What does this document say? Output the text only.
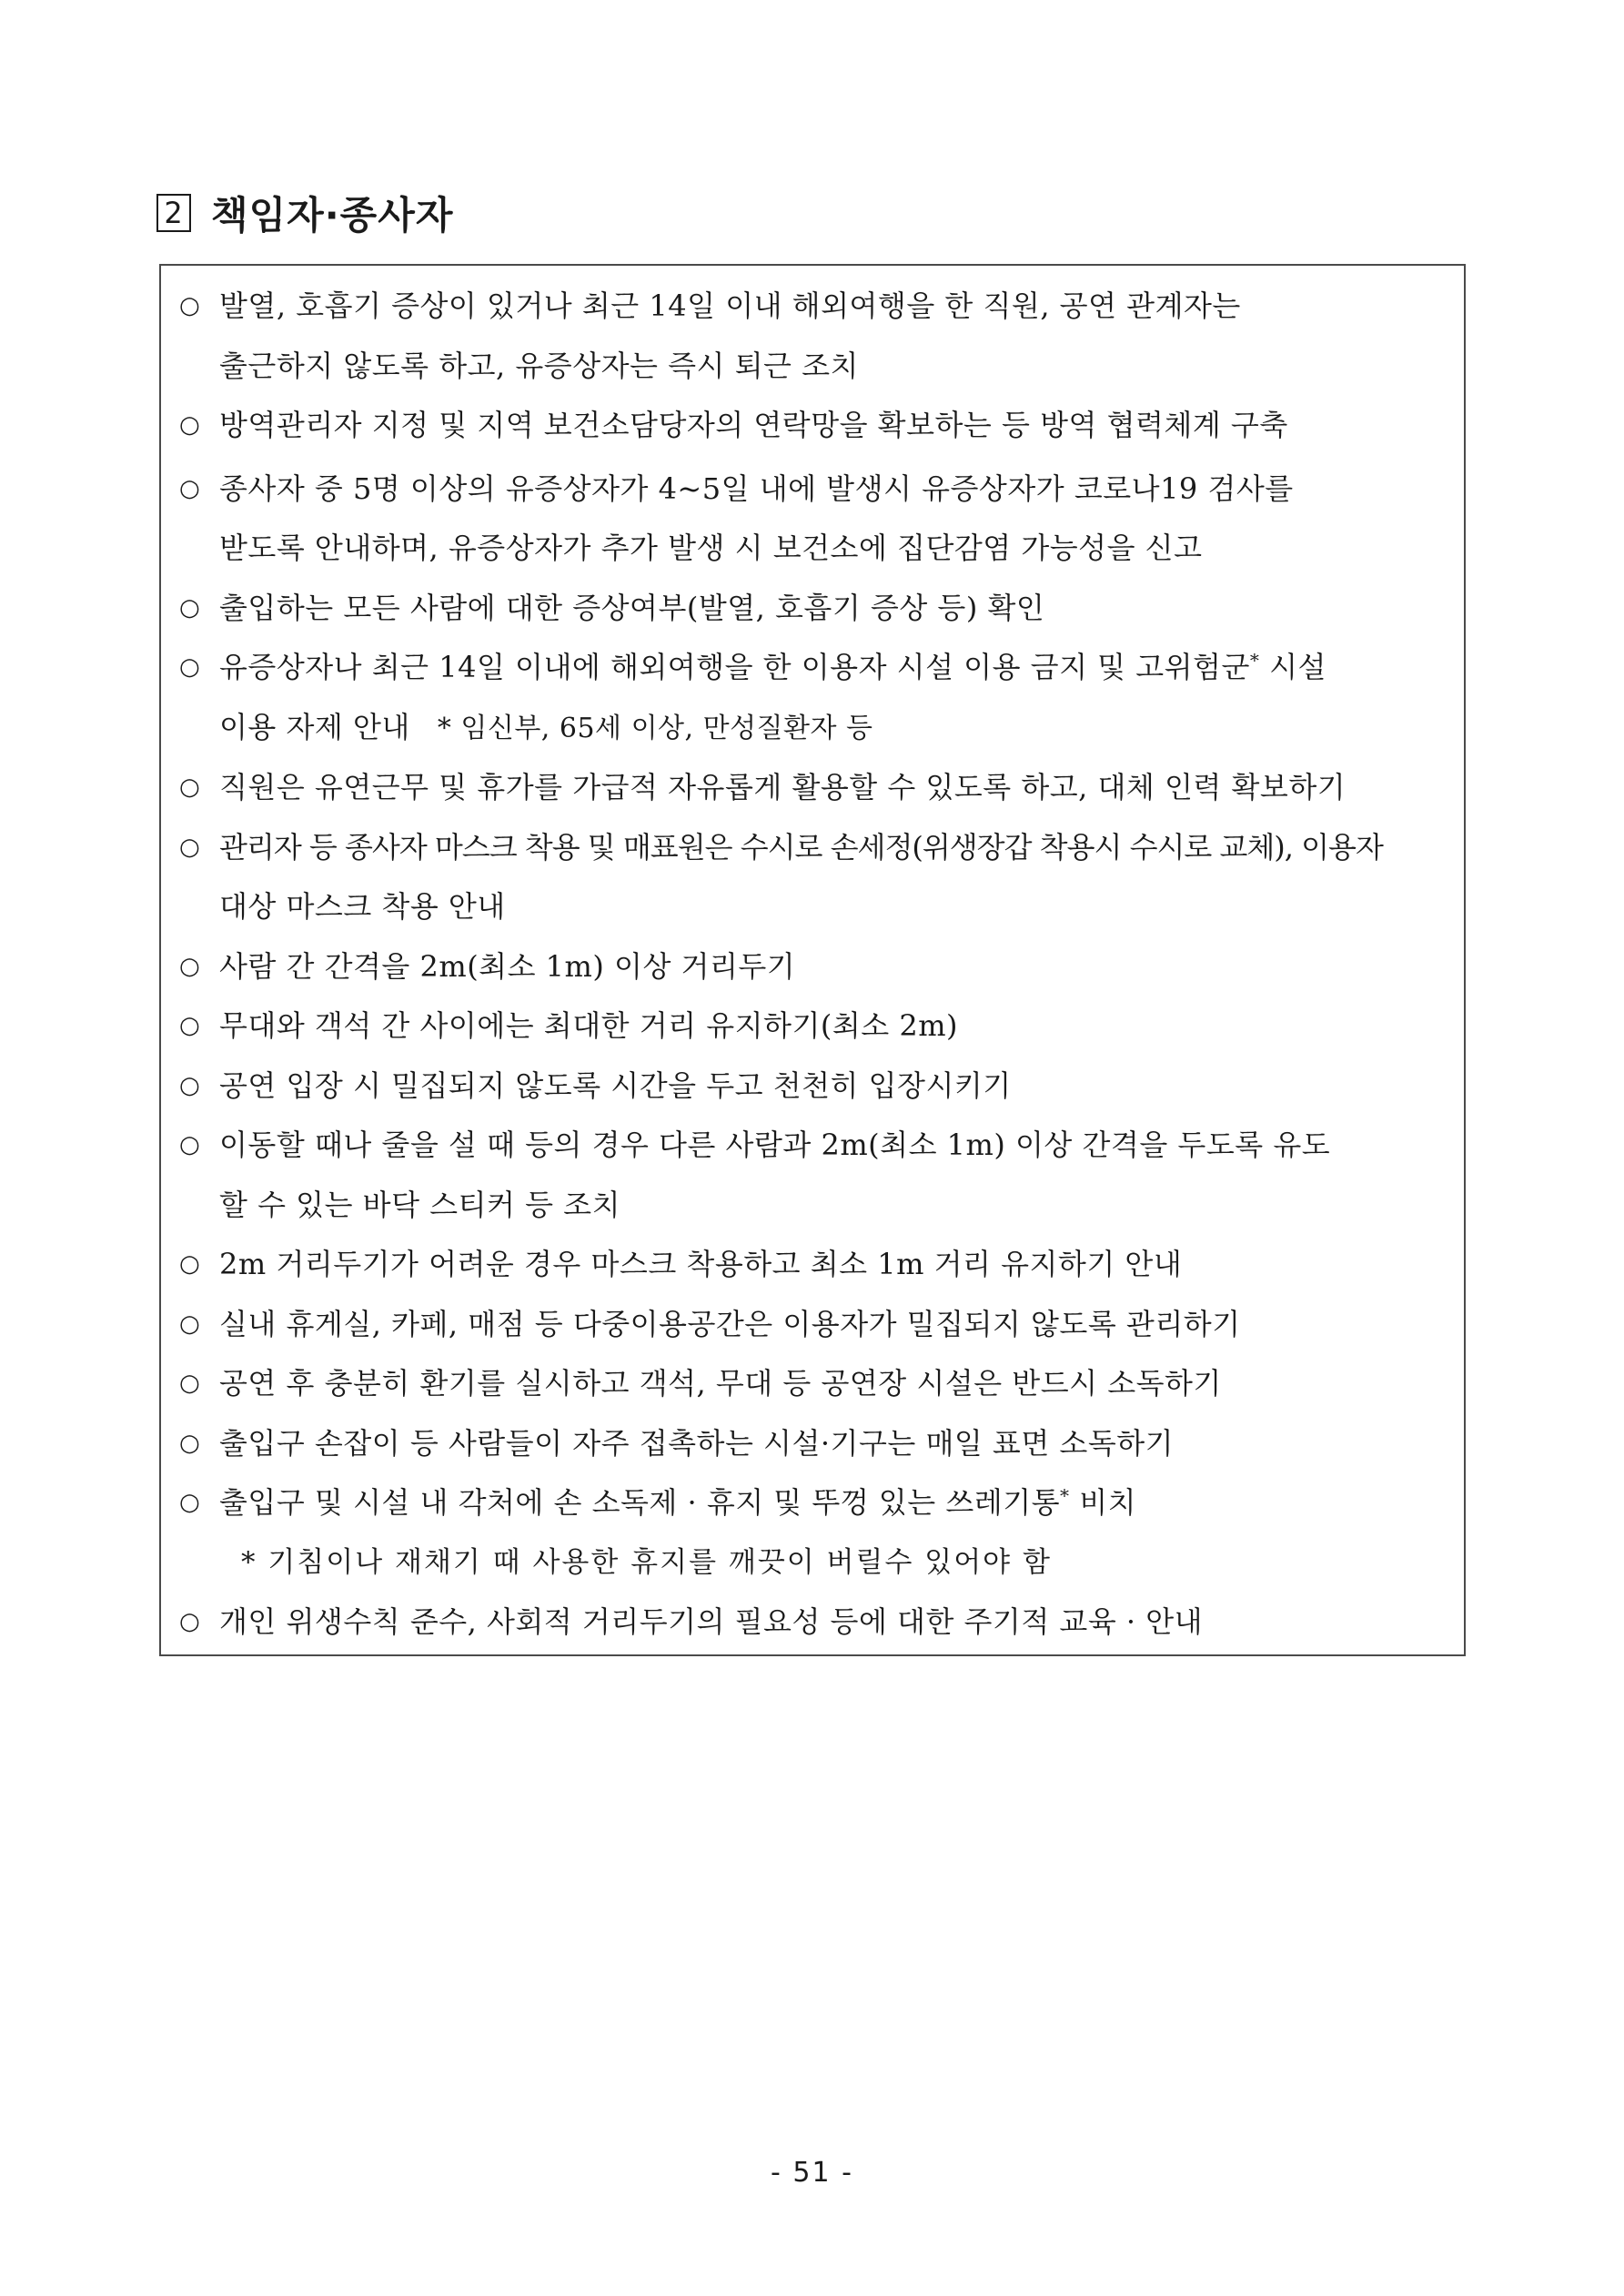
2 책임자·종사자
○ 발열, 호흡기 증상이 있거나 최근 14일 이내 해외여행을 한 직원, 공연 관계자는
출근하지 않도록 하고, 유증상자는 즉시 퇴근 조치
○ 방역관리자 지정 및 지역 보건소담당자의 연락망을 확보하는 등 방역 협력체계 구축
○ 종사자 중 5명 이상의 유증상자가 4~5일 내에 발생시 유증상자가 코로나19 검사를
받도록 안내하며, 유증상자가 추가 발생 시 보건소에 집단감염 가능성을 신고
○ 출입하는 모든 사람에 대한 증상여부(발열, 호흡기 증상 등) 확인
○ 유증상자나 최근 14일 이내에 해외여행을 한 이용자 시설 이용 금지 및 고위험군* 시설
이용 자제 안내 * 임신부, 65세 이상, 만성질환자 등
○ 직원은 유연근무 및 휴가를 가급적 자유롭게 활용할 수 있도록 하고, 대체 인력 확보하기
○ 관리자 등 종사자 마스크 착용 및 매표원은 수시로 손세정(위생장갑 착용시 수시로 교체), 이용자
대상 마스크 착용 안내
○ 사람 간 간격을 2m(최소 1m) 이상 거리두기
○ 무대와 객석 간 사이에는 최대한 거리 유지하기(최소 2m)
○ 공연 입장 시 밀집되지 않도록 시간을 두고 천천히 입장시키기
○ 이동할 때나 줄을 설 때 등의 경우 다른 사람과 2m(최소 1m) 이상 간격을 두도록 유도
할 수 있는 바닥 스티커 등 조치
○ 2m 거리두기가 어려운 경우 마스크 착용하고 최소 1m 거리 유지하기 안내
○ 실내 휴게실, 카페, 매점 등 다중이용공간은 이용자가 밀집되지 않도록 관리하기
○ 공연 후 충분히 환기를 실시하고 객석, 무대 등 공연장 시설은 반드시 소독하기
○ 출입구 손잡이 등 사람들이 자주 접촉하는 시설·기구는 매일 표면 소독하기
○ 출입구 및 시설 내 각처에 손 소독제 · 휴지 및 뚜껑 있는 쓰레기통* 비치
* 기침이나 재채기 때 사용한 휴지를 깨끗이 버릴수 있어야 함
○ 개인 위생수칙 준수, 사회적 거리두기의 필요성 등에 대한 주기적 교육 · 안내
- 51 -
